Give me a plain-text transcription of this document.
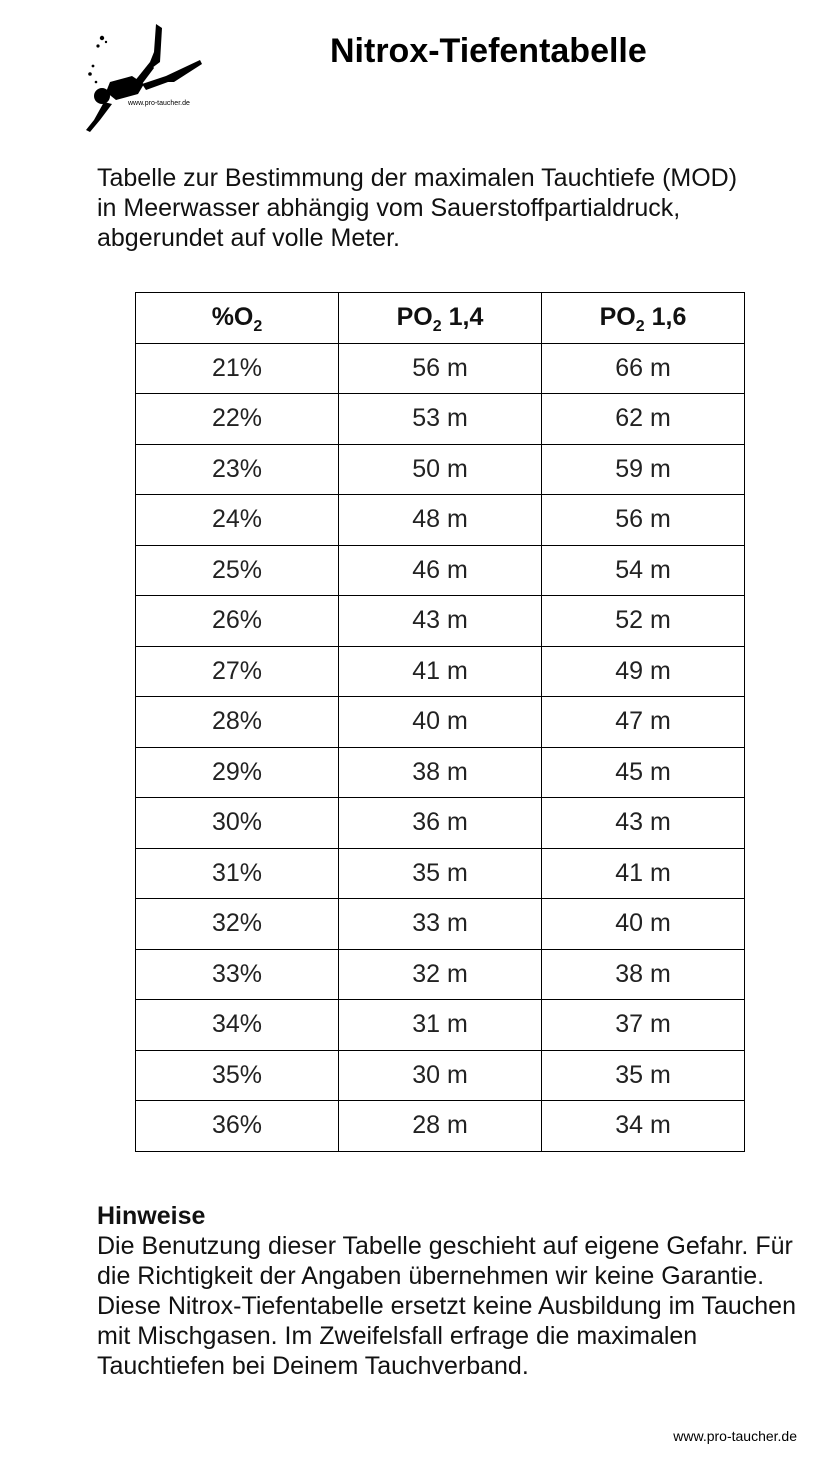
www.pro-taucher.de
Nitrox-Tiefentabelle
Tabelle zur Bestimmung der maximalen Tauchtiefe (MOD) in Meerwasser abhängig vom Sauerstoffpartialdruck, abgerundet auf volle Meter.
$\%O_2$	$PO_2$ 1,4	$PO_2$ 1,6
21%	56 m	66 m
22%	53 m	62 m
23%	50 m	59 m
24%	48 m	56 m
25%	46 m	54 m
26%	43 m	52 m
27%	41 m	49 m
28%	40 m	47 m
29%	38 m	45 m
30%	36 m	43 m
31%	35 m	41 m
32%	33 m	40 m
33%	32 m	38 m
34%	31 m	37 m
35%	30 m	35 m
36%	28 m	34 m
Hinweise
Die Benutzung dieser Tabelle geschieht auf eigene Gefahr. Für die Richtigkeit der Angaben übernehmen wir keine Garantie. Diese Nitrox-Tiefentabelle ersetzt keine Ausbildung im Tauchen mit Mischgasen. Im Zweifelsfall erfrage die maximalen Tauchtiefen bei Deinem Tauchverband.
www.pro-taucher.de
